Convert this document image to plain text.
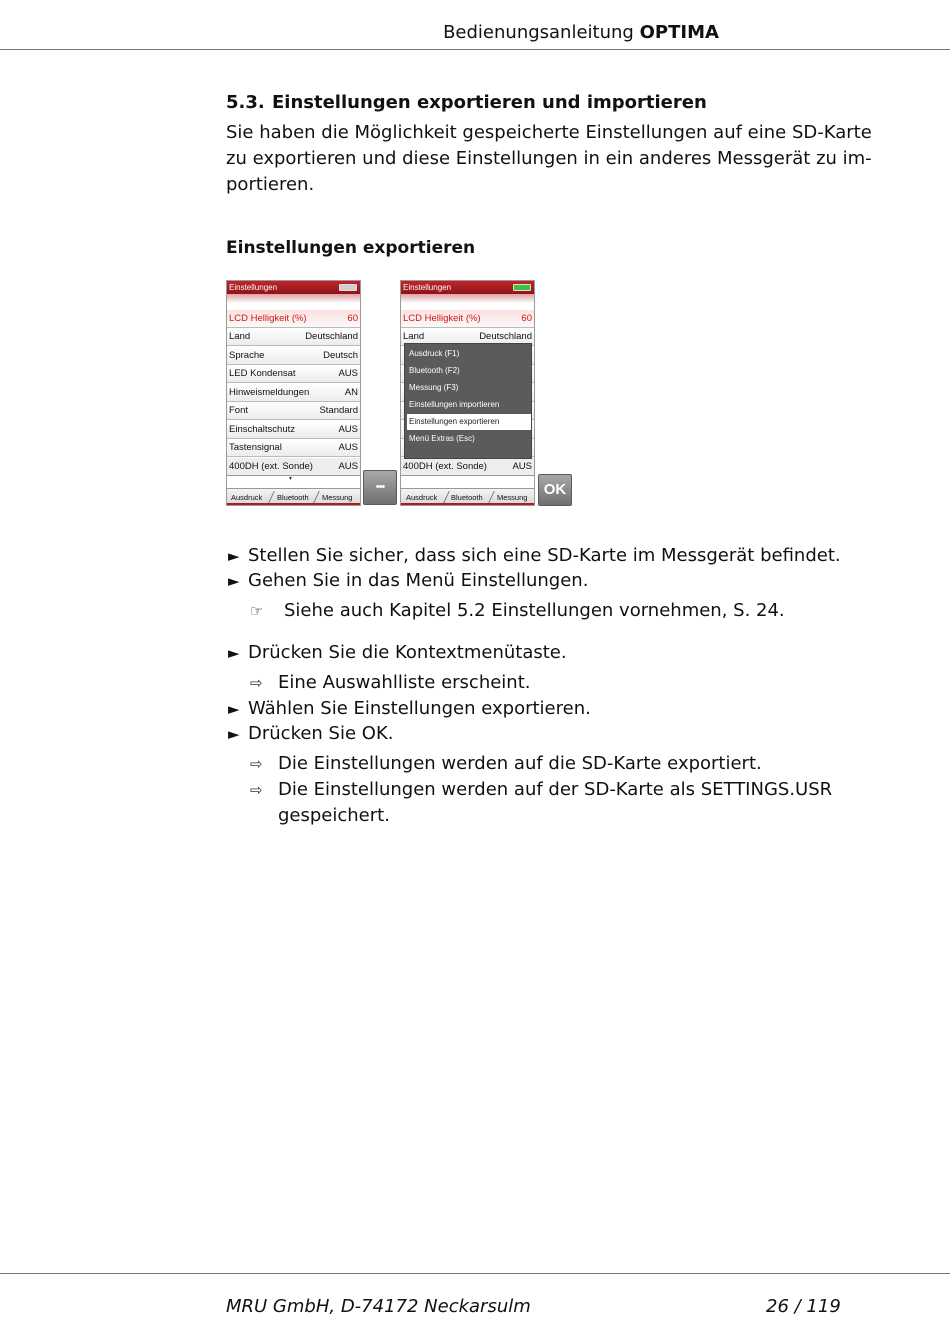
Bedienungsanleitung OPTIMA
5.3. Einstellungen exportieren und importieren
Sie haben die Möglichkeit gespeicherte Einstellungen auf eine SD-Karte
zu exportieren und diese Einstellungen in ein anderes Messgerät zu im-
portieren.
Einstellungen exportieren
Einstellungen
LCD Helligkeit (%)	60
Land	Deutschland
Sprache	Deutsch
LED Kondensat	AUS
Hinweismeldungen	AN
Font	Standard
Einschaltschutz	AUS
Tastensignal	AUS
400DH (ext. Sonde)	AUS
▾
Ausdruck Bluetooth Messung
•••
Einstellungen
LCD Helligkeit (%)	60
Land	Deutschland
400DH (ext. Sonde)	AUS
Ausdruck (F1)
Bluetooth (F2)
Messung (F3)
Einstellungen importieren
Einstellungen exportieren
Menü Extras (Esc)
Ausdruck Bluetooth Messung	OK
► Stellen Sie sicher, dass sich eine SD-Karte im Messgerät befindet.
► Gehen Sie in das Menü Einstellungen.
☞ Siehe auch Kapitel 5.2 Einstellungen vornehmen, S. 24.
► Drücken Sie die Kontextmenütaste.
⇨ Eine Auswahlliste erscheint.
► Wählen Sie Einstellungen exportieren.
► Drücken Sie OK.
⇨ Die Einstellungen werden auf die SD-Karte exportiert.
⇨ Die Einstellungen werden auf der SD-Karte als SETTINGS.USR
gespeichert.
MRU GmbH, D-74172 Neckarsulm	26 / 119
